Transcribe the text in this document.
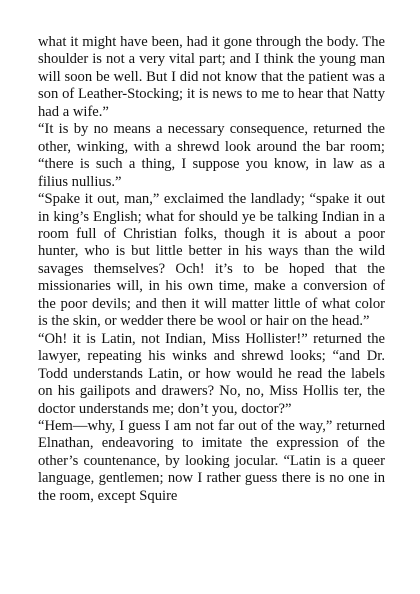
what it might have been, had it gone through the body. The shoulder is not a very vital part; and I think the young man will soon be well. But I did not know that the patient was a son of Leather-Stocking; it is news to me to hear that Natty had a wife.”

“It is by no means a necessary consequence, returned the other, winking, with a shrewd look around the bar room; “there is such a thing, I suppose you know, in law as a filius nullius.”

“Spake it out, man,” exclaimed the landlady; “spake it out in king’s English; what for should ye be talking Indian in a room full of Christian folks, though it is about a poor hunter, who is but little better in his ways than the wild savages themselves? Och! it’s to be hoped that the missionaries will, in his own time, make a conversion of the poor devils; and then it will matter little of what color is the skin, or wedder there be wool or hair on the head.”

“Oh! it is Latin, not Indian, Miss Hollister!” returned the lawyer, repeating his winks and shrewd looks; “and Dr. Todd understands Latin, or how would he read the labels on his gailipots and drawers? No, no, Miss Hollis ter, the doctor understands me; don’t you, doctor?”

“Hem—why, I guess I am not far out of the way,” returned Elnathan, endeavoring to imitate the expression of the other’s countenance, by looking jocular. “Latin is a queer language, gentlemen; now I rather guess there is no one in the room, except Squire
